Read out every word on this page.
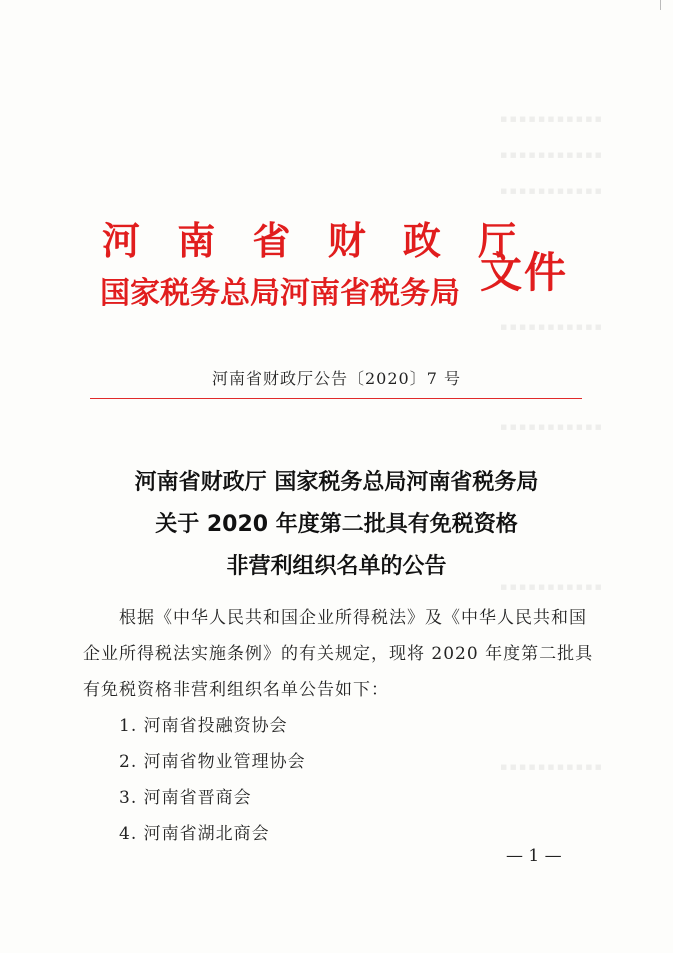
▪▪▪▪▪▪▪▪▪▪▪
▪▪▪▪▪▪▪▪▪▪▪
▪▪▪▪▪▪▪▪▪▪▪
▪▪▪▪▪▪▪▪▪▪▪
▪▪▪▪▪▪▪▪▪▪▪
▪▪▪▪▪▪▪▪▪▪▪
▪▪▪▪▪▪▪▪▪▪▪
河 南 省 财 政 厅
国家税务总局河南省税务局 文件
河南省财政厅公告〔2020〕7 号
河南省财政厅 国家税务总局河南省税务局
关于 2020 年度第二批具有免税资格
非营利组织名单的公告
根据《中华人民共和国企业所得税法》及《中华人民共和国
企业所得税法实施条例》的有关规定，现将 2020 年度第二批具
有免税资格非营利组织名单公告如下：
1. 河南省投融资协会
2. 河南省物业管理协会
3. 河南省晋商会
4. 河南省湖北商会
— 1 —
